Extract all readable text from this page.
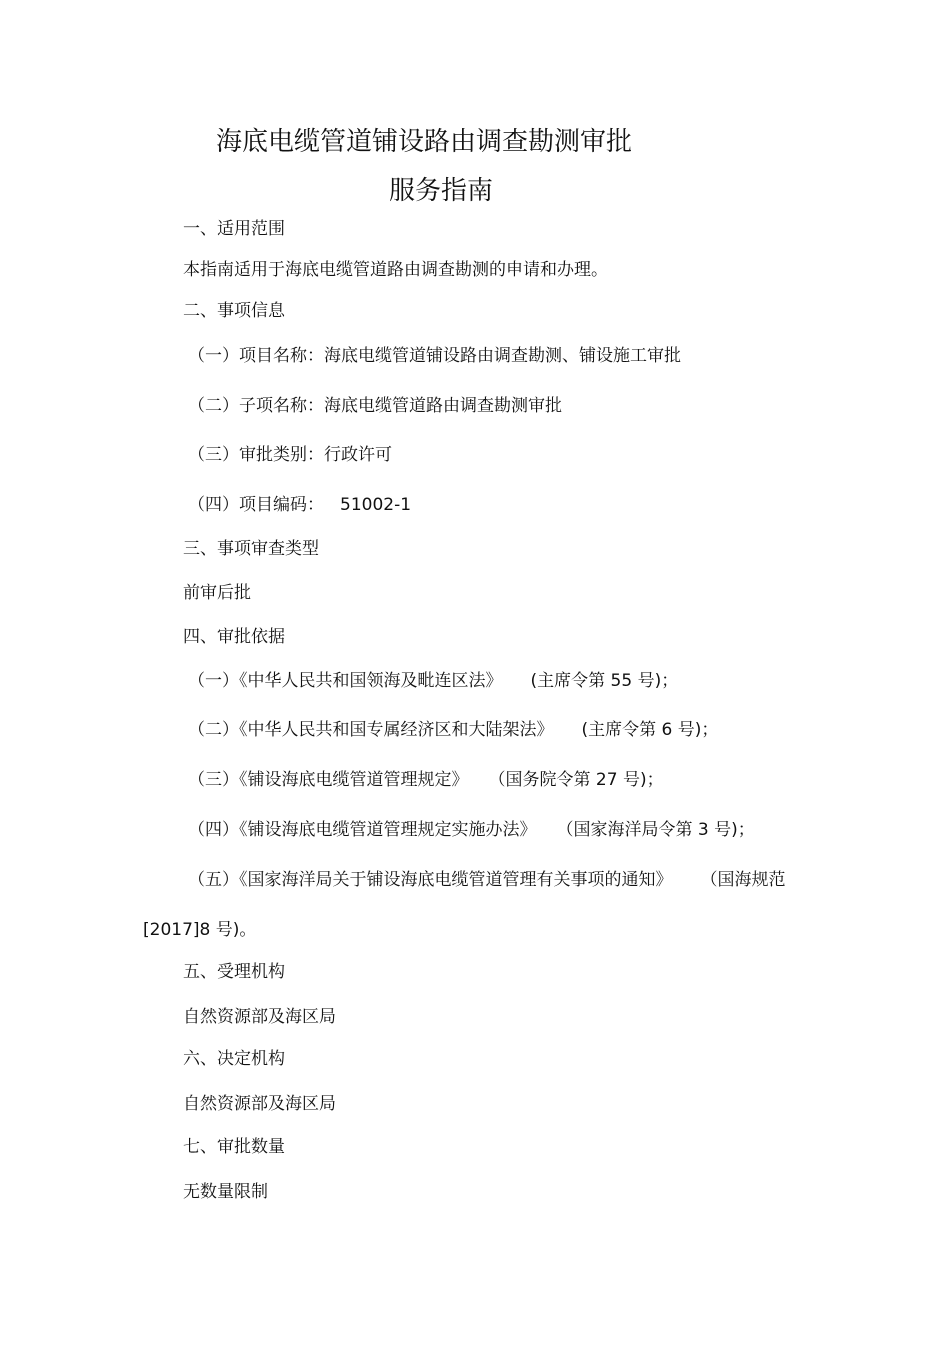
海底电缆管道铺设路由调查勘测审批
服务指南
一、适用范围
本指南适用于海底电缆管道路由调查勘测的申请和办理。
二、事项信息
（一）项目名称：海底电缆管道铺设路由调查勘测、铺设施工审批
（二）子项名称：海底电缆管道路由调查勘测审批
（三）审批类别：行政许可
（四）项目编码： 51002-1
三、事项审查类型
前审后批
四、审批依据
（一）《中华人民共和国领海及毗连区法》 (主席令第 55 号)；
（二）《中华人民共和国专属经济区和大陆架法》 (主席令第 6 号)；
（三）《铺设海底电缆管道管理规定》 （国务院令第 27 号)；
（四）《铺设海底电缆管道管理规定实施办法》 （国家海洋局令第 3 号)；
（五）《国家海洋局关于铺设海底电缆管道管理有关事项的通知》 （国海规范
[2017]8 号)。
五、受理机构
自然资源部及海区局
六、决定机构
自然资源部及海区局
七、审批数量
无数量限制
